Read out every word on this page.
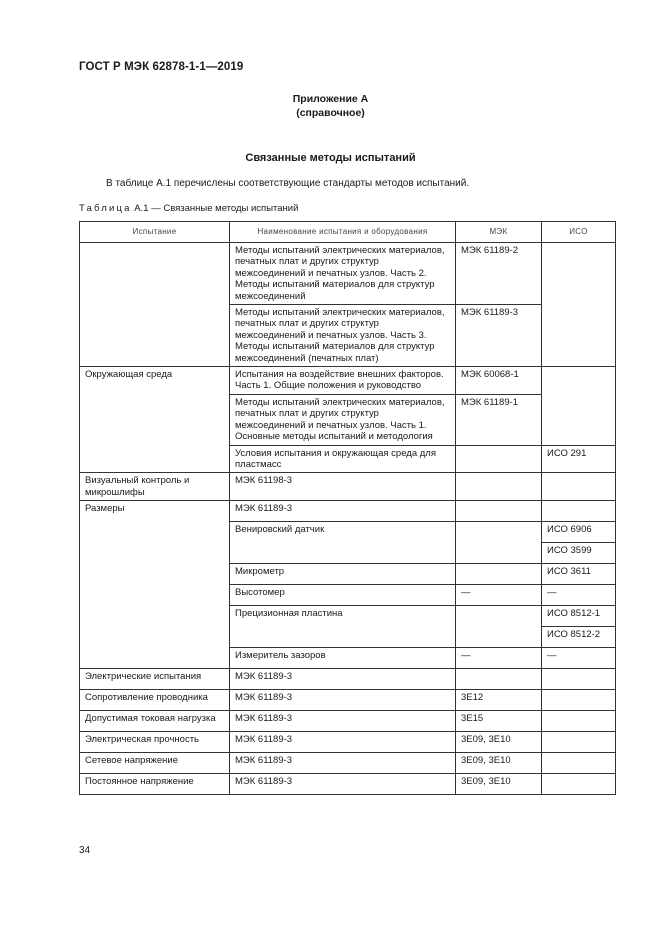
ГОСТ Р МЭК 62878-1-1—2019
Приложение А
(справочное)
Связанные методы испытаний
В таблице А.1 перечислены соответствующие стандарты методов испытаний.
Таблица А.1 — Связанные методы испытаний
Испытание	Наименование испытания и оборудования	МЭК	ИСО
	Методы испытаний электрических материалов, печатных плат и других структур межсоединений и печатных узлов. Часть 2. Методы испытаний материалов для структур межсоединений	МЭК 61189-2	
	Методы испытаний электрических материалов, печатных плат и других структур межсоединений и печатных узлов. Часть 3. Методы испытаний материалов для структур межсоединений (печатных плат)	МЭК 61189-3	
Окружающая среда	Испытания на воздействие внешних факторов. Часть 1. Общие положения и руководство	МЭК 60068-1	
	Методы испытаний электрических материалов, печатных плат и других структур межсоединений и печатных узлов. Часть 1. Основные методы испытаний и методология	МЭК 61189-1	
	Условия испытания и окружающая среда для пластмасс		ИСО 291
Визуальный контроль и микрошлифы	МЭК 61198-3		
Размеры	МЭК 61189-3		
	Венировский датчик		ИСО 6906
			ИСО 3599
	Микрометр		ИСО 3611
	Высотомер	—	—
	Прецизионная пластина		ИСО 8512-1
			ИСО 8512-2
	Измеритель зазоров	—	—
Электрические испытания	МЭК 61189-3		
Сопротивление проводника	МЭК 61189-3	3Е12	
Допустимая токовая нагрузка	МЭК 61189-3	3Е15	
Электрическая прочность	МЭК 61189-3	3Е09, 3Е10	
Сетевое напряжение	МЭК 61189-3	3Е09, 3Е10	
Постоянное напряжение	МЭК 61189-3	3Е09, 3Е10	
34
